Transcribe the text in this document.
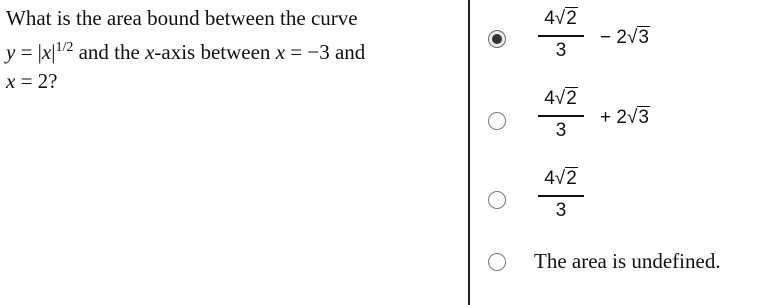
What is the area bound between the curve
$y = |x|^{1/2}$ and the x-axis between x = −3 and
x = 2?
4√2
3
− 2√3
4√2
3
+ 2√3
4√2
3
The area is undefined.
